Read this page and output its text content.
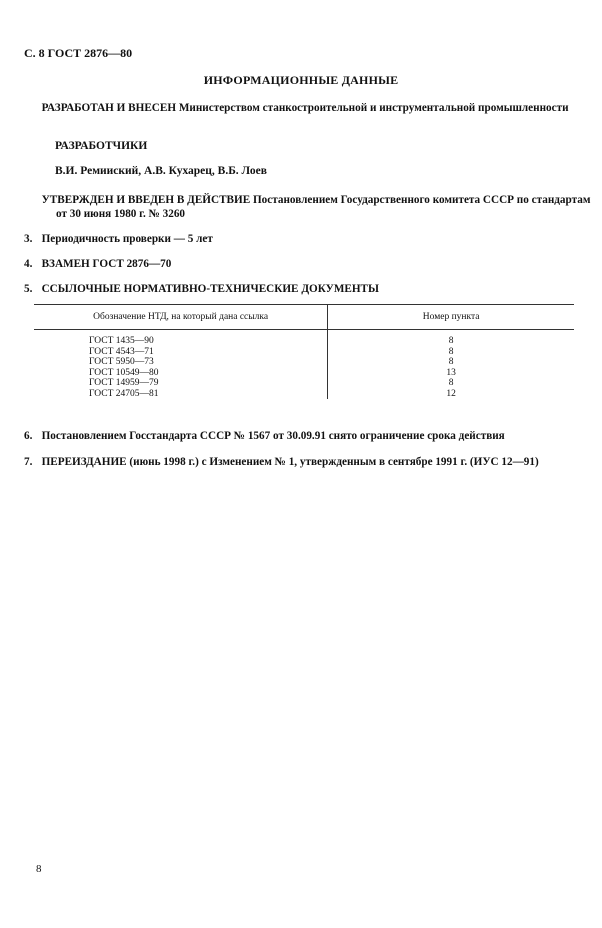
С. 8 ГОСТ 2876—80
ИНФОРМАЦИОННЫЕ ДАННЫЕ
РАЗРАБОТАН И ВНЕСЕН Министерством станкостроительной и инструментальной промышленности
РАЗРАБОТЧИКИ
В.И. Ремииский, А.В. Кухарец, В.Б. Лоев
УТВЕРЖДЕН И ВВЕДЕН В ДЕЙСТВИЕ Постановлением Государственного комитета СССР по стандартам от 30 июня 1980 г. № 3260
3. Периодичность проверки — 5 лет
4. ВЗАМЕН ГОСТ 2876—70
5. ССЫЛОЧНЫЕ НОРМАТИВНО-ТЕХНИЧЕСКИЕ ДОКУМЕНТЫ
Обозначение НТД, на который дана ссылка	Номер пункта

ГОСТ 1435—90	8
ГОСТ 4543—71	8
ГОСТ 5950—73	8
ГОСТ 10549—80	13
ГОСТ 14959—79	8
ГОСТ 24705—81	12
6. Постановлением Госстандарта СССР № 1567 от 30.09.91 снято ограничение срока действия
7. ПЕРЕИЗДАНИЕ (июнь 1998 г.) с Изменением № 1, утвержденным в сентябре 1991 г. (ИУС 12—91)
8
